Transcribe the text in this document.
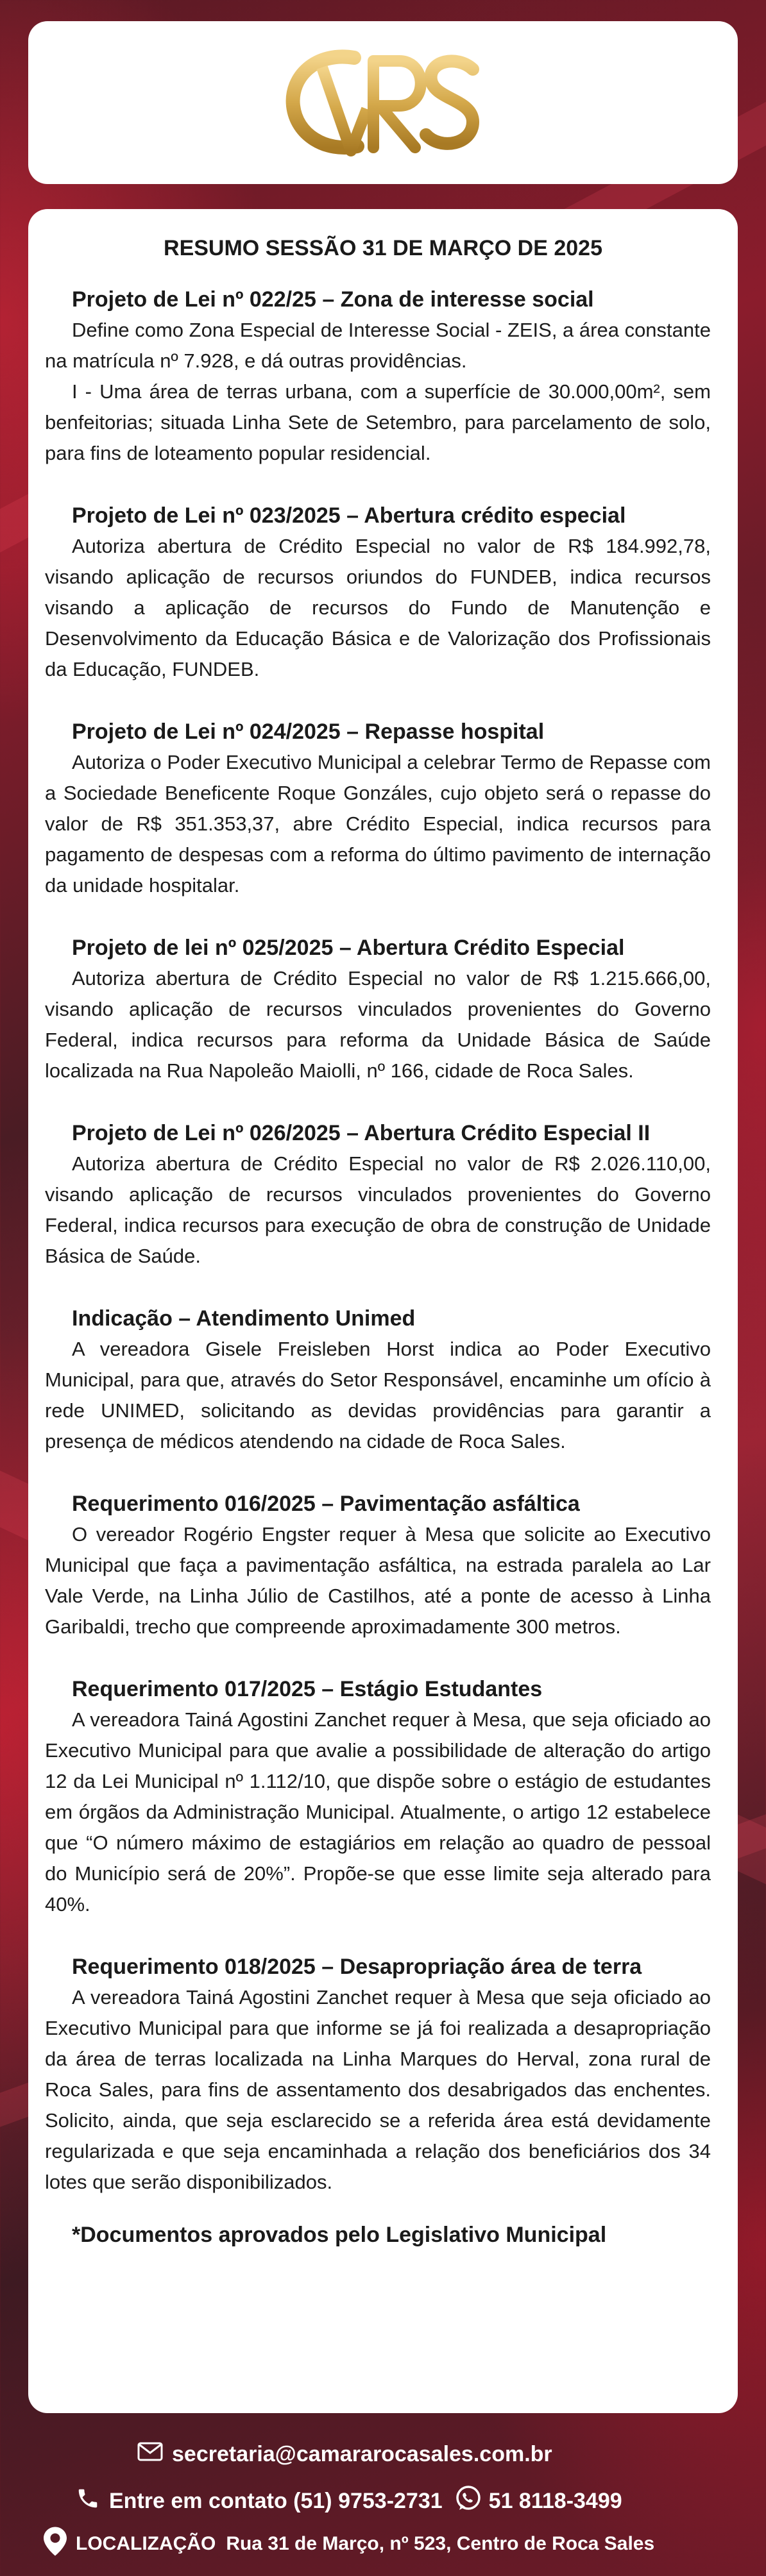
RESUMO SESSÃO 31 DE MARÇO DE 2025
Projeto de Lei nº 022/25 – Zona de interesse social

Define como Zona Especial de Interesse Social - ZEIS, a área constante na matrícula nº 7.928, e dá outras providências.

I - Uma área de terras urbana, com a superfície de 30.000,00m², sem benfeitorias; situada Linha Sete de Setembro, para parcelamento de solo, para fins de loteamento popular residencial.

Projeto de Lei nº 023/2025 – Abertura crédito especial

Autoriza abertura de Crédito Especial no valor de R$ 184.992,78, visando aplicação de recursos oriundos do FUNDEB, indica recursos visando a aplicação de recursos do Fundo de Manutenção e Desenvolvimento da Educação Básica e de Valorização dos Profissionais da Educação, FUNDEB.

Projeto de Lei nº 024/2025 – Repasse hospital

Autoriza o Poder Executivo Municipal a celebrar Termo de Repasse com a Sociedade Beneficente Roque Gonzáles, cujo objeto será o repasse do valor de R$ 351.353,37, abre Crédito Especial, indica recursos para pagamento de despesas com a reforma do último pavimento de internação da unidade hospitalar.

Projeto de lei nº 025/2025 – Abertura Crédito Especial

Autoriza abertura de Crédito Especial no valor de R$ 1.215.666,00, visando aplicação de recursos vinculados provenientes do Governo Federal, indica recursos para reforma da Unidade Básica de Saúde localizada na Rua Napoleão Maiolli, nº 166, cidade de Roca Sales.

Projeto de Lei nº 026/2025 – Abertura Crédito Especial II

Autoriza abertura de Crédito Especial no valor de R$ 2.026.110,00, visando aplicação de recursos vinculados provenientes do Governo Federal, indica recursos para execução de obra de construção de Unidade Básica de Saúde.

Indicação – Atendimento Unimed

A vereadora Gisele Freisleben Horst indica ao Poder Executivo Municipal, para que, através do Setor Responsável, encaminhe um ofício à rede UNIMED, solicitando as devidas providências para garantir a presença de médicos atendendo na cidade de Roca Sales.

Requerimento 016/2025 – Pavimentação asfáltica

O vereador Rogério Engster requer à Mesa que solicite ao Executivo Municipal que faça a pavimentação asfáltica, na estrada paralela ao Lar Vale Verde, na Linha Júlio de Castilhos, até a ponte de acesso à Linha Garibaldi, trecho que compreende aproximadamente 300 metros.

Requerimento 017/2025 – Estágio Estudantes

A vereadora Tainá Agostini Zanchet requer à Mesa, que seja oficiado ao Executivo Municipal para que avalie a possibilidade de alteração do artigo 12 da Lei Municipal nº 1.112/10, que dispõe sobre o estágio de estudantes em órgãos da Administração Municipal. Atualmente, o artigo 12 estabelece que “O número máximo de estagiários em relação ao quadro de pessoal do Município será de 20%”. Propõe-se que esse limite seja alterado para 40%.

Requerimento 018/2025 – Desapropriação área de terra

A vereadora Tainá Agostini Zanchet requer à Mesa que seja oficiado ao Executivo Municipal para que informe se já foi realizada a desapropriação da área de terras localizada na Linha Marques do Herval, zona rural de Roca Sales, para fins de assentamento dos desabrigados das enchentes. Solicito, ainda, que seja esclarecido se a referida área está devidamente regularizada e que seja encaminhada a relação dos beneficiários dos 34 lotes que serão disponibilizados.

*Documentos aprovados pelo Legislativo Municipal
secretaria@camararocasales.com.br
Entre em contato (51) 9753-2731 51 8118-3499
LOCALIZAÇÃO Rua 31 de Março, nº 523, Centro de Roca Sales
